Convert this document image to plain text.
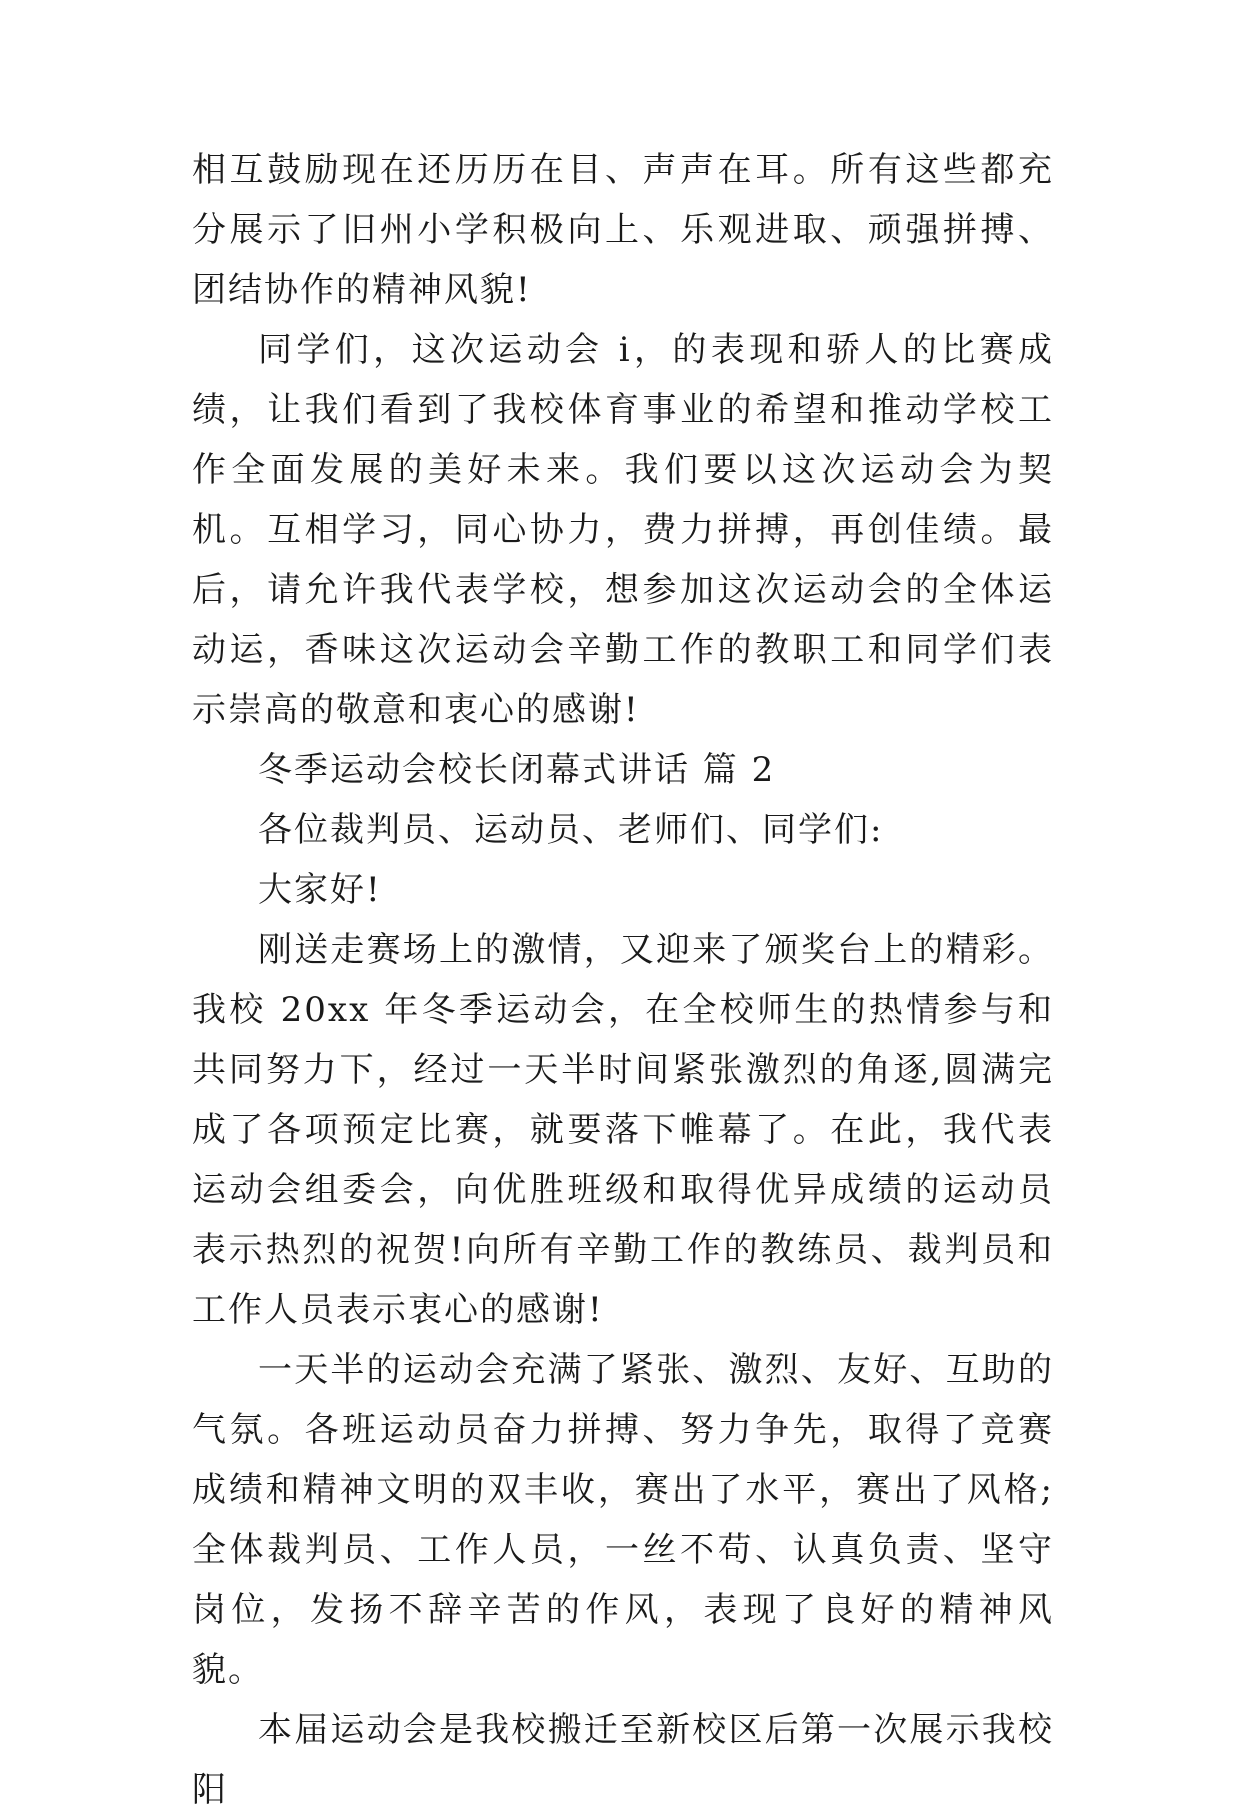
相互鼓励现在还历历在目、声声在耳。所有这些都充分展示了旧州小学积极向上、乐观进取、顽强拼搏、团结协作的精神风貌!

同学们，这次运动会 i，的表现和骄人的比赛成绩，让我们看到了我校体育事业的希望和推动学校工作全面发展的美好未来。我们要以这次运动会为契机。互相学习，同心协力，费力拼搏，再创佳绩。最后，请允许我代表学校，想参加这次运动会的全体运动运，香味这次运动会辛勤工作的教职工和同学们表示崇高的敬意和衷心的感谢!

冬季运动会校长闭幕式讲话 篇 2

各位裁判员、运动员、老师们、同学们:

大家好!

刚送走赛场上的激情，又迎来了颁奖台上的精彩。我校 20xx 年冬季运动会，在全校师生的热情参与和共同努力下，经过一天半时间紧张激烈的角逐,圆满完成了各项预定比赛，就要落下帷幕了。在此，我代表运动会组委会，向优胜班级和取得优异成绩的运动员表示热烈的祝贺!向所有辛勤工作的教练员、裁判员和工作人员表示衷心的感谢!

一天半的运动会充满了紧张、激烈、友好、互助的气氛。各班运动员奋力拼搏、努力争先，取得了竞赛成绩和精神文明的双丰收，赛出了水平，赛出了风格;全体裁判员、工作人员，一丝不苟、认真负责、坚守岗位，发扬不辞辛苦的作风，表现了良好的精神风貌。

本届运动会是我校搬迁至新校区后第一次展示我校阳
